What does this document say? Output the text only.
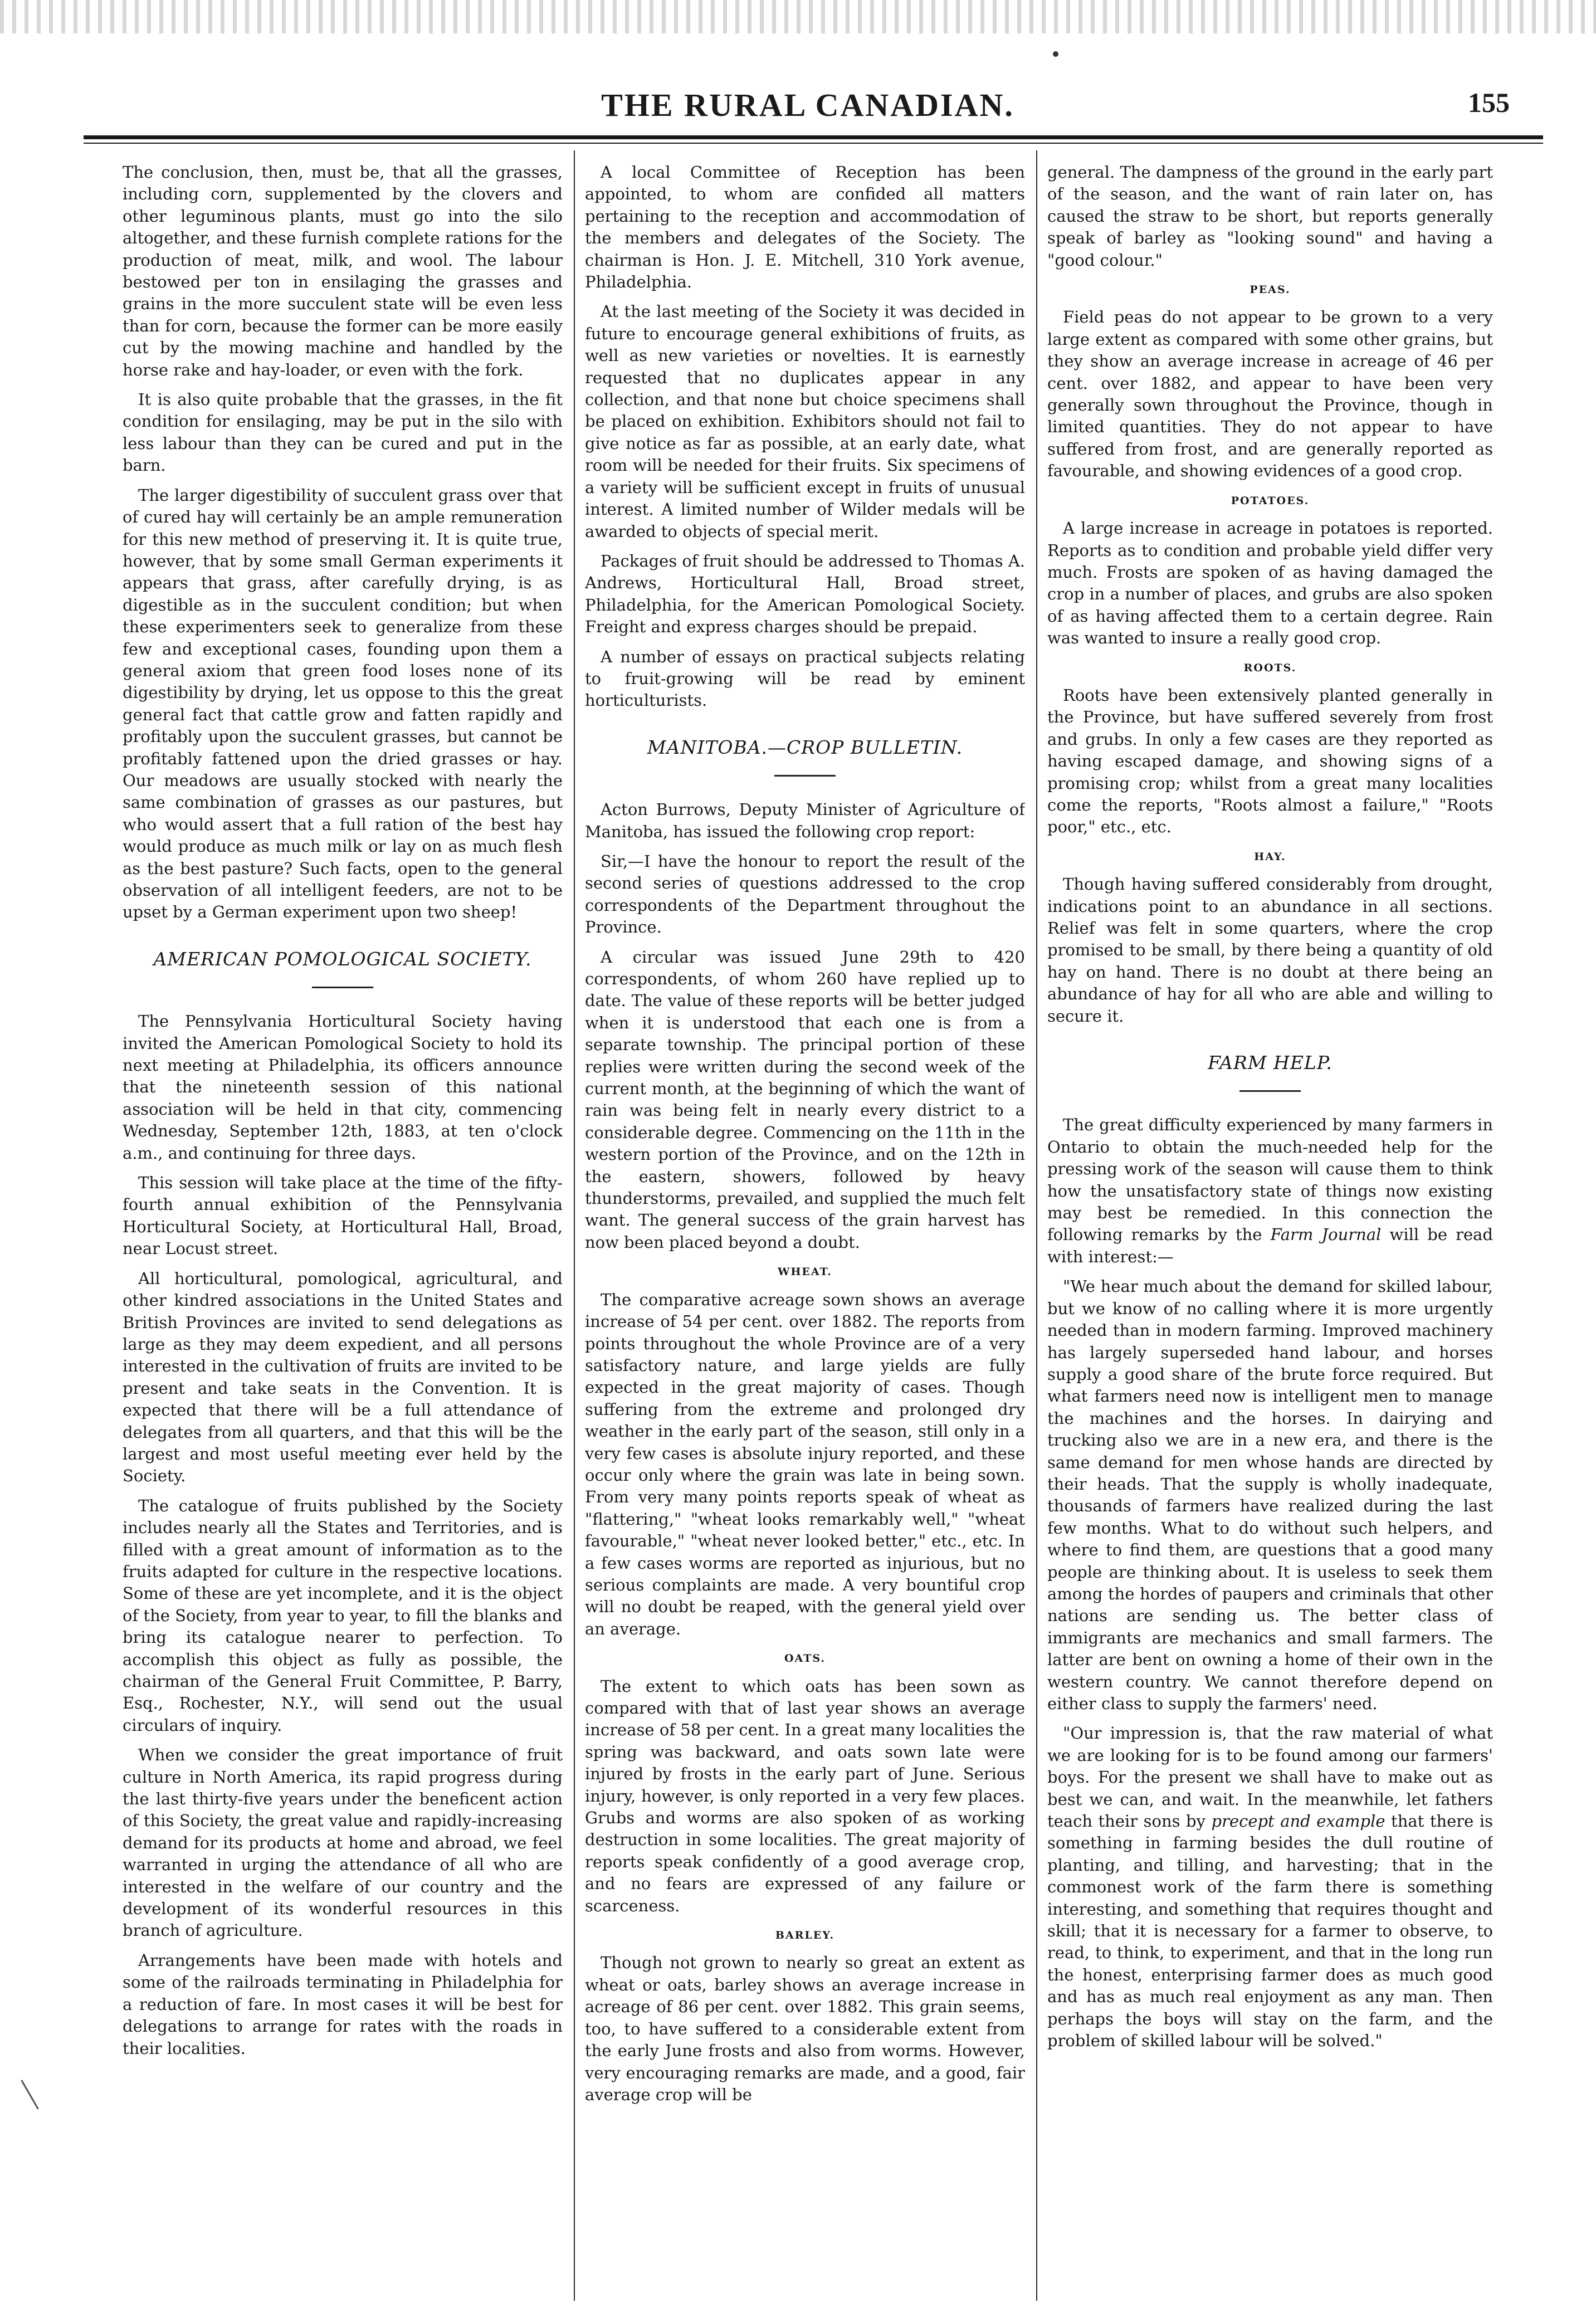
THE RURAL CANADIAN.	155

The conclusion, then, must be, that all the grasses, including corn, supplemented by the clovers and other leguminous plants, must go into the silo altogether, and these furnish complete rations for the production of meat, milk, and wool. The labour bestowed per ton in ensilaging the grasses and grains in the more succulent state will be even less than for corn, because the former can be more easily cut by the mowing machine and handled by the horse rake and hay-loader, or even with the fork.

It is also quite probable that the grasses, in the fit condition for ensilaging, may be put in the silo with less labour than they can be cured and put in the barn.

The larger digestibility of succulent grass over that of cured hay will certainly be an ample remuneration for this new method of preserving it. It is quite true, however, that by some small German experiments it appears that grass, after carefully drying, is as digestible as in the succulent condition; but when these experimenters seek to generalize from these few and exceptional cases, founding upon them a general axiom that green food loses none of its digestibility by drying, let us oppose to this the great general fact that cattle grow and fatten rapidly and profitably upon the succulent grasses, but cannot be profitably fattened upon the dried grasses or hay. Our meadows are usually stocked with nearly the same combination of grasses as our pastures, but who would assert that a full ration of the best hay would produce as much milk or lay on as much flesh as the best pasture? Such facts, open to the general observation of all intelligent feeders, are not to be upset by a German experiment upon two sheep!

AMERICAN POMOLOGICAL SOCIETY.

The Pennsylvania Horticultural Society having invited the American Pomological Society to hold its next meeting at Philadelphia, its officers announce that the nineteenth session of this national association will be held in that city, commencing Wednesday, September 12th, 1883, at ten o'clock a.m., and continuing for three days.

This session will take place at the time of the fifty-fourth annual exhibition of the Pennsylvania Horticultural Society, at Horticultural Hall, Broad, near Locust street.

All horticultural, pomological, agricultural, and other kindred associations in the United States and British Provinces are invited to send delegations as large as they may deem expedient, and all persons interested in the cultivation of fruits are invited to be present and take seats in the Convention. It is expected that there will be a full attendance of delegates from all quarters, and that this will be the largest and most useful meeting ever held by the Society.

The catalogue of fruits published by the Society includes nearly all the States and Territories, and is filled with a great amount of information as to the fruits adapted for culture in the respective locations. Some of these are yet incomplete, and it is the object of the Society, from year to year, to fill the blanks and bring its catalogue nearer to perfection. To accomplish this object as fully as possible, the chairman of the General Fruit Committee, P. Barry, Esq., Rochester, N.Y., will send out the usual circulars of inquiry.

When we consider the great importance of fruit culture in North America, its rapid progress during the last thirty-five years under the beneficent action of this Society, the great value and rapidly-increasing demand for its products at home and abroad, we feel warranted in urging the attendance of all who are interested in the welfare of our country and the development of its wonderful resources in this branch of agriculture.

Arrangements have been made with hotels and some of the railroads terminating in Philadelphia for a reduction of fare. In most cases it will be best for delegations to arrange for rates with the roads in their localities.

A local Committee of Reception has been appointed, to whom are confided all matters pertaining to the reception and accommodation of the members and delegates of the Society. The chairman is Hon. J. E. Mitchell, 310 York avenue, Philadelphia.

At the last meeting of the Society it was decided in future to encourage general exhibitions of fruits, as well as new varieties or novelties. It is earnestly requested that no duplicates appear in any collection, and that none but choice specimens shall be placed on exhibition. Exhibitors should not fail to give notice as far as possible, at an early date, what room will be needed for their fruits. Six specimens of a variety will be sufficient except in fruits of unusual interest. A limited number of Wilder medals will be awarded to objects of special merit.

Packages of fruit should be addressed to Thomas A. Andrews, Horticultural Hall, Broad street, Philadelphia, for the American Pomological Society. Freight and express charges should be prepaid.

A number of essays on practical subjects relating to fruit-growing will be read by eminent horticulturists.

MANITOBA.—CROP BULLETIN.

Acton Burrows, Deputy Minister of Agriculture of Manitoba, has issued the following crop report:

Sir,—I have the honour to report the result of the second series of questions addressed to the crop correspondents of the Department throughout the Province.

A circular was issued June 29th to 420 correspondents, of whom 260 have replied up to date. The value of these reports will be better judged when it is understood that each one is from a separate township. The principal portion of these replies were written during the second week of the current month, at the beginning of which the want of rain was being felt in nearly every district to a considerable degree. Commencing on the 11th in the western portion of the Province, and on the 12th in the eastern, showers, followed by heavy thunderstorms, prevailed, and supplied the much felt want. The general success of the grain harvest has now been placed beyond a doubt.

WHEAT.

The comparative acreage sown shows an average increase of 54 per cent. over 1882. The reports from points throughout the whole Province are of a very satisfactory nature, and large yields are fully expected in the great majority of cases. Though suffering from the extreme and prolonged dry weather in the early part of the season, still only in a very few cases is absolute injury reported, and these occur only where the grain was late in being sown. From very many points reports speak of wheat as "flattering," "wheat looks remarkably well," "wheat favourable," "wheat never looked better," etc., etc. In a few cases worms are reported as injurious, but no serious complaints are made. A very bountiful crop will no doubt be reaped, with the general yield over an average.

OATS.

The extent to which oats has been sown as compared with that of last year shows an average increase of 58 per cent. In a great many localities the spring was backward, and oats sown late were injured by frosts in the early part of June. Serious injury, however, is only reported in a very few places. Grubs and worms are also spoken of as working destruction in some localities. The great majority of reports speak confidently of a good average crop, and no fears are expressed of any failure or scarceness.

BARLEY.

Though not grown to nearly so great an extent as wheat or oats, barley shows an average increase in acreage of 86 per cent. over 1882. This grain seems, too, to have suffered to a considerable extent from the early June frosts and also from worms. However, very encouraging remarks are made, and a good, fair average crop will be

general. The dampness of the ground in the early part of the season, and the want of rain later on, has caused the straw to be short, but reports generally speak of barley as "looking sound" and having a "good colour."

PEAS.

Field peas do not appear to be grown to a very large extent as compared with some other grains, but they show an average increase in acreage of 46 per cent. over 1882, and appear to have been very generally sown throughout the Province, though in limited quantities. They do not appear to have suffered from frost, and are generally reported as favourable, and showing evidences of a good crop.

POTATOES.

A large increase in acreage in potatoes is reported. Reports as to condition and probable yield differ very much. Frosts are spoken of as having damaged the crop in a number of places, and grubs are also spoken of as having affected them to a certain degree. Rain was wanted to insure a really good crop.

ROOTS.

Roots have been extensively planted generally in the Province, but have suffered severely from frost and grubs. In only a few cases are they reported as having escaped damage, and showing signs of a promising crop; whilst from a great many localities come the reports, "Roots almost a failure," "Roots poor," etc., etc.

HAY.

Though having suffered considerably from drought, indications point to an abundance in all sections. Relief was felt in some quarters, where the crop promised to be small, by there being a quantity of old hay on hand. There is no doubt at there being an abundance of hay for all who are able and willing to secure it.

FARM HELP.

The great difficulty experienced by many farmers in Ontario to obtain the much-needed help for the pressing work of the season will cause them to think how the unsatisfactory state of things now existing may best be remedied. In this connection the following remarks by the Farm Journal will be read with interest:—

"We hear much about the demand for skilled labour, but we know of no calling where it is more urgently needed than in modern farming. Improved machinery has largely superseded hand labour, and horses supply a good share of the brute force required. But what farmers need now is intelligent men to manage the machines and the horses. In dairying and trucking also we are in a new era, and there is the same demand for men whose hands are directed by their heads. That the supply is wholly inadequate, thousands of farmers have realized during the last few months. What to do without such helpers, and where to find them, are questions that a good many people are thinking about. It is useless to seek them among the hordes of paupers and criminals that other nations are sending us. The better class of immigrants are mechanics and small farmers. The latter are bent on owning a home of their own in the western country. We cannot therefore depend on either class to supply the farmers' need.

"Our impression is, that the raw material of what we are looking for is to be found among our farmers' boys. For the present we shall have to make out as best we can, and wait. In the meanwhile, let fathers teach their sons by precept and example that there is something in farming besides the dull routine of planting, and tilling, and harvesting; that in the commonest work of the farm there is something interesting, and something that requires thought and skill; that it is necessary for a farmer to observe, to read, to think, to experiment, and that in the long run the honest, enterprising farmer does as much good and has as much real enjoyment as any man. Then perhaps the boys will stay on the farm, and the problem of skilled labour will be solved."
